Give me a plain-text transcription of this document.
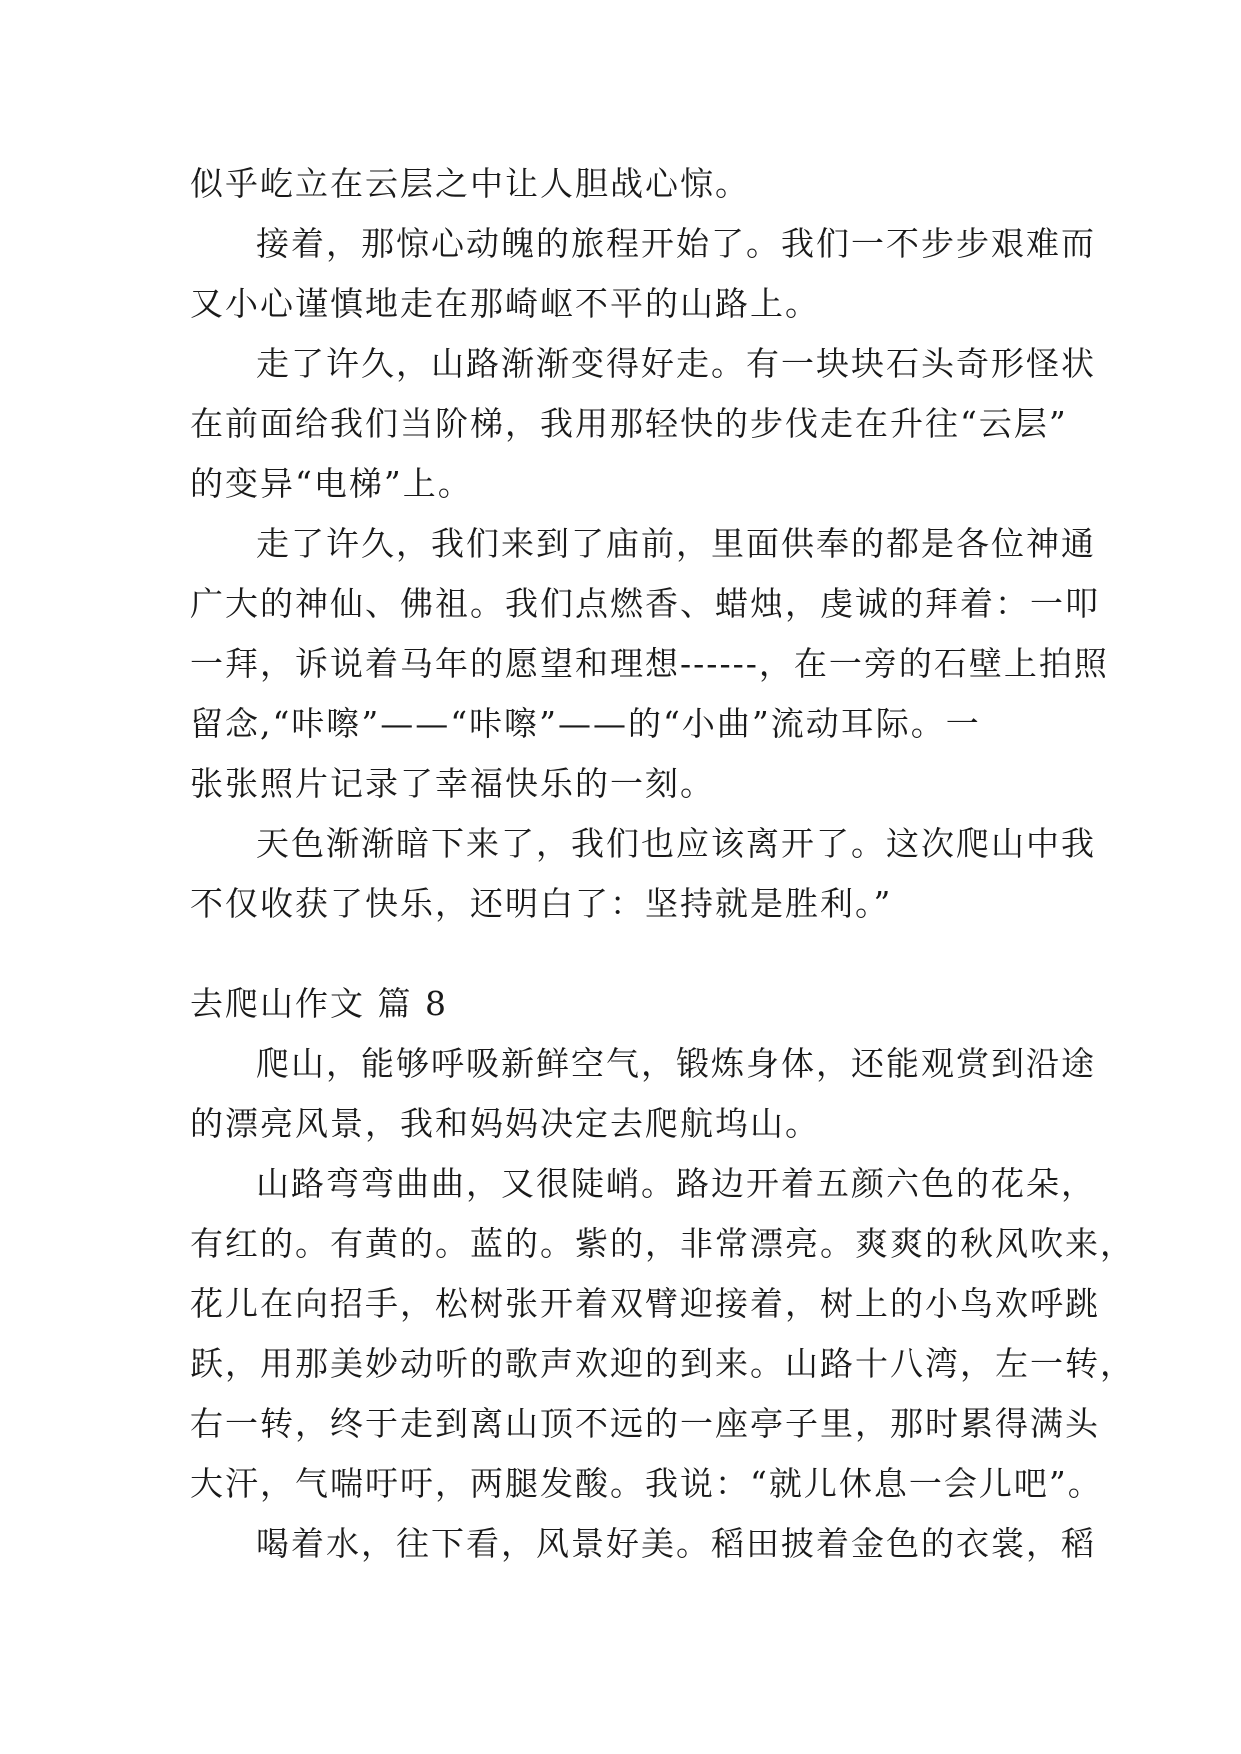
似乎屹立在云层之中让人胆战心惊。
接着，那惊心动魄的旅程开始了。我们一不步步艰难而
又小心谨慎地走在那崎岖不平的山路上。
走了许久，山路渐渐变得好走。有一块块石头奇形怪状
在前面给我们当阶梯，我用那轻快的步伐走在升往“云层”
的变异“电梯”上。
走了许久，我们来到了庙前，里面供奉的都是各位神通
广大的神仙、佛祖。我们点燃香、蜡烛，虔诚的拜着：一叩
一拜，诉说着马年的愿望和理想------，在一旁的石壁上拍照
留念,“咔嚓”——“咔嚓”——的“小曲”流动耳际。一
张张照片记录了幸福快乐的一刻。
天色渐渐暗下来了，我们也应该离开了。这次爬山中我
不仅收获了快乐，还明白了：坚持就是胜利。”
去爬山作文 篇 8
爬山，能够呼吸新鲜空气，锻炼身体，还能观赏到沿途
的漂亮风景，我和妈妈决定去爬航坞山。
山路弯弯曲曲，又很陡峭。路边开着五颜六色的花朵，
有红的。有黄的。蓝的。紫的，非常漂亮。爽爽的秋风吹来，
花儿在向招手，松树张开着双臂迎接着，树上的小鸟欢呼跳
跃，用那美妙动听的歌声欢迎的到来。山路十八湾，左一转，
右一转，终于走到离山顶不远的一座亭子里，那时累得满头
大汗，气喘吁吁，两腿发酸。我说：“就儿休息一会儿吧”。
喝着水，往下看，风景好美。稻田披着金色的衣裳，稻
